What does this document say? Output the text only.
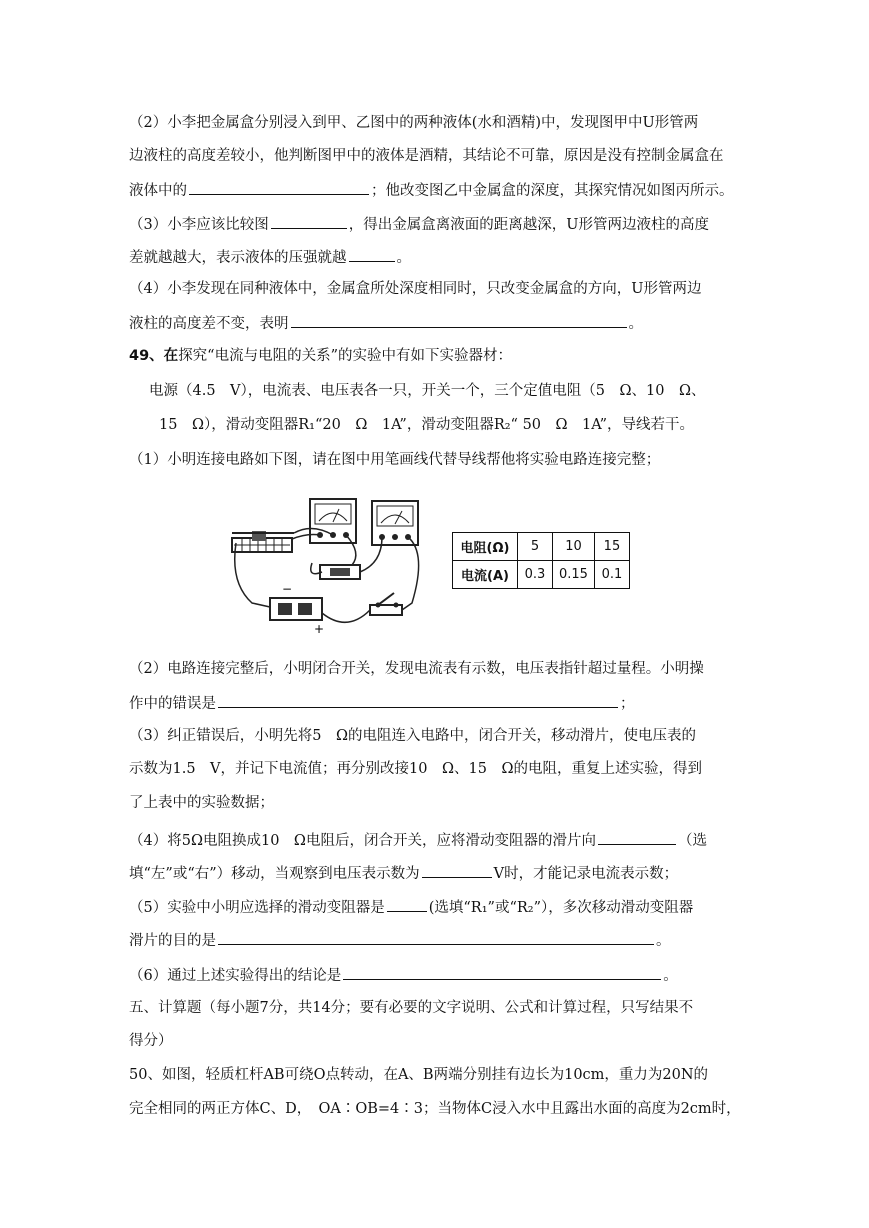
（2）小李把金属盒分别浸入到甲、乙图中的两种液体(水和酒精)中，发现图甲中U形管两
边液柱的高度差较小，他判断图甲中的液体是酒精，其结论不可靠，原因是没有控制金属盒在
液体中的	；他改变图乙中金属盒的深度，其探究情况如图丙所示。
（3）小李应该比较图	，得出金属盒离液面的距离越深，U形管两边液柱的高度
差就越越大，表示液体的压强就越	。
（4）小李发现在同种液体中，金属盒所处深度相同时，只改变金属盒的方向，U形管两边
液柱的高度差不变，表明	。
49、在探究“电流与电阻的关系”的实验中有如下实验器材：
电源（4.5　V），电流表、电压表各一只，开关一个，三个定值电阻（5　Ω、10　Ω、
15　Ω），滑动变阻器R₁“20　Ω　1A”，滑动变阻器R₂“ 50　Ω　1A”，导线若干。
（1）小明连接电路如下图，请在图中用笔画线代替导线帮他将实验电路连接完整；
−
+
电阻(Ω)	5	10	15
电流(A)	0.3	0.15	0.1
（2）电路连接完整后，小明闭合开关，发现电流表有示数，电压表指针超过量程。小明操
作中的错误是	；
（3）纠正错误后，小明先将5　Ω的电阻连入电路中，闭合开关，移动滑片，使电压表的
示数为1.5　V，并记下电流值；再分别改接10　Ω、15　Ω的电阻，重复上述实验，得到
了上表中的实验数据；
（4）将5Ω电阻换成10　Ω电阻后，闭合开关，应将滑动变阻器的滑片向	（选
填“左”或“右”）移动，当观察到电压表示数为	V时，才能记录电流表示数；
（5）实验中小明应选择的滑动变阻器是	(选填“R₁”或“R₂”），多次移动滑动变阻器
滑片的目的是	。
（6）通过上述实验得出的结论是	。
五、计算题（每小题7分，共14分；要有必要的文字说明、公式和计算过程，只写结果不
得分）
50、如图，轻质杠杆AB可绕O点转动，在A、B两端分别挂有边长为10cm，重力为20N的
完全相同的两正方体C、D，　OA∶OB=4∶3；当物体C浸入水中且露出水面的高度为2cm时，
